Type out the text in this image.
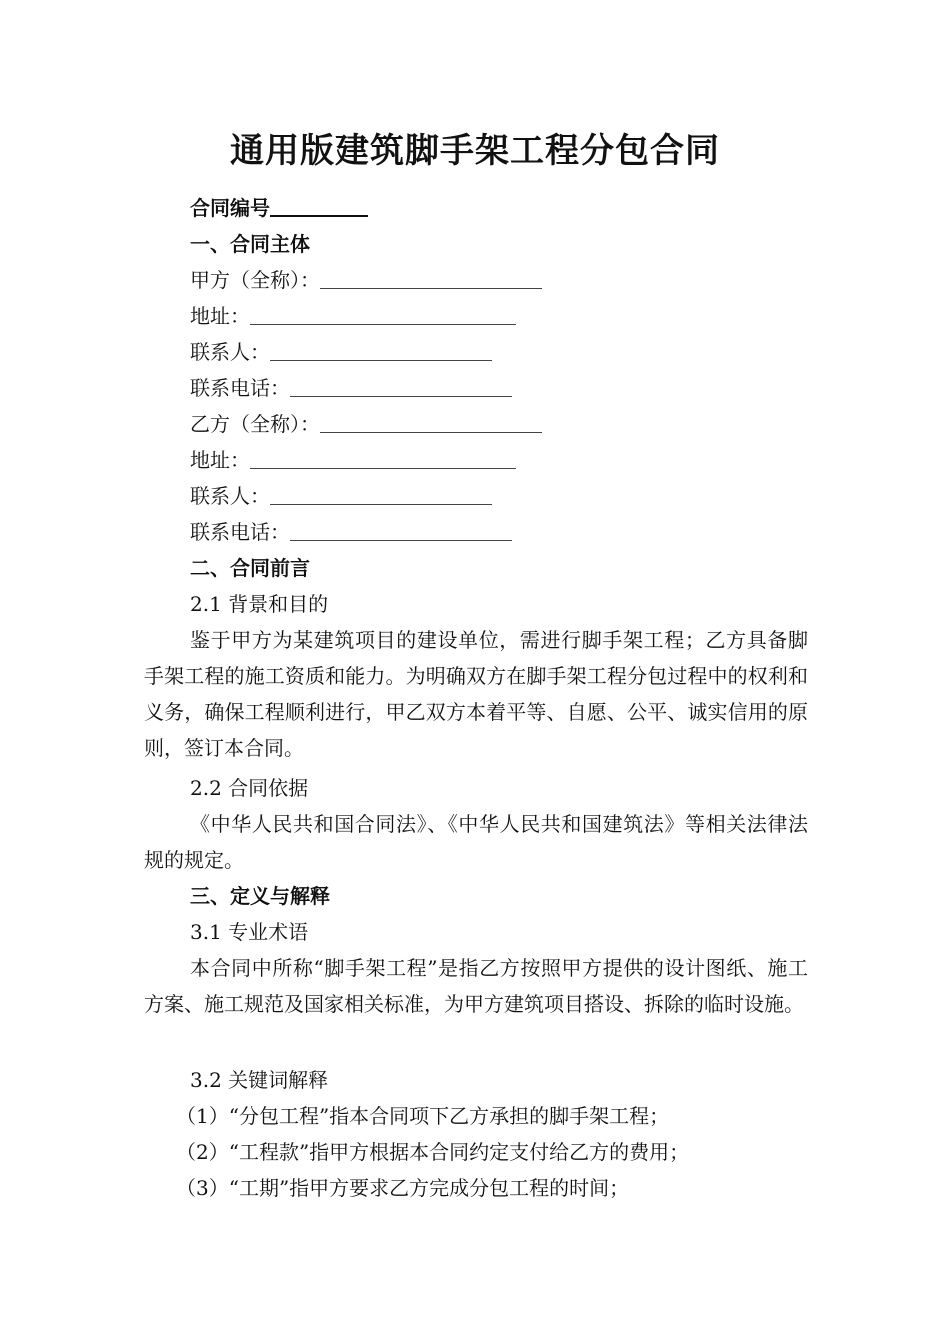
通用版建筑脚手架工程分包合同
合同编号
一、合同主体
甲方（全称）：
地址：
联系人：
联系电话：
乙方（全称）：
地址：
联系人：
联系电话：
二、合同前言
2.1 背景和目的
鉴于甲方为某建筑项目的建设单位，需进行脚手架工程；乙方具备脚手架工程的施工资质和能力。为明确双方在脚手架工程分包过程中的权利和义务，确保工程顺利进行，甲乙双方本着平等、自愿、公平、诚实信用的原则，签订本合同。
2.2 合同依据
《中华人民共和国合同法》、《中华人民共和国建筑法》等相关法律法规的规定。
三、定义与解释
3.1 专业术语
本合同中所称“脚手架工程”是指乙方按照甲方提供的设计图纸、施工方案、施工规范及国家相关标准，为甲方建筑项目搭设、拆除的临时设施。
3.2 关键词解释
（1）“分包工程”指本合同项下乙方承担的脚手架工程；
（2）“工程款”指甲方根据本合同约定支付给乙方的费用；
（3）“工期”指甲方要求乙方完成分包工程的时间；
